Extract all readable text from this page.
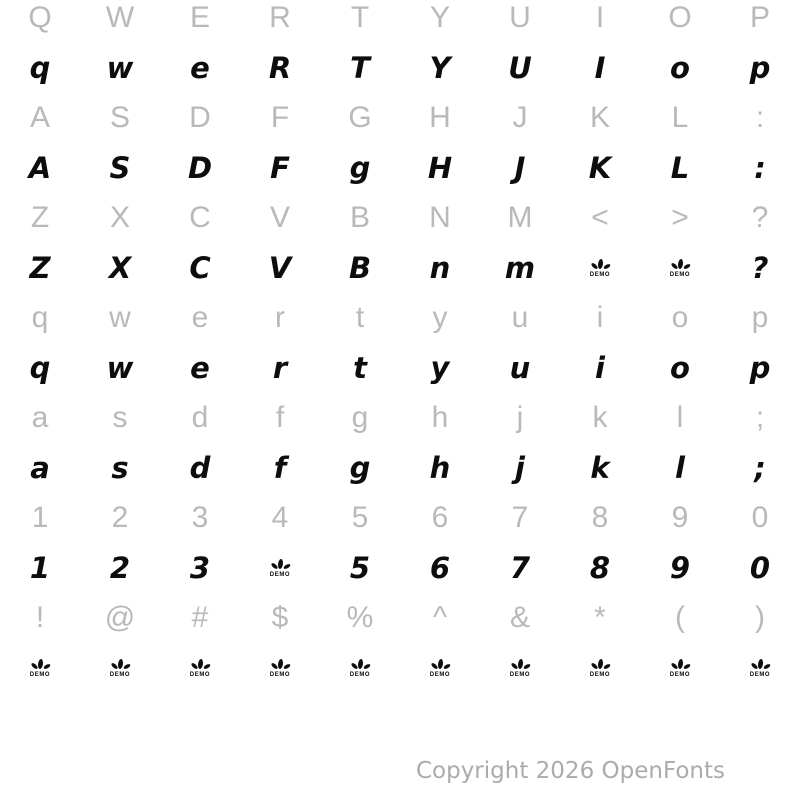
Q	W	E	R	T	Y	U	I	O	P
q	w	e	R	T	Y	U	I	o	p
A	S	D	F	G	H	J	K	L	:
A	S	D	F	g	H	J	K	L	:
Z	X	C	V	B	N	M	<	>	?
Z	X	C	V	B	n	m	DEMO	DEMO	?
q	w	e	r	t	y	u	i	o	p
q	w	e	r	t	y	u	i	o	p
a	s	d	f	g	h	j	k	l	;
a	s	d	f	g	h	j	k	l	;
1	2	3	4	5	6	7	8	9	0
1	2	3	DEMO	5	6	7	8	9	0
!	@	#	$	%	^	&	*	(	)
DEMO	DEMO	DEMO	DEMO	DEMO	DEMO	DEMO	DEMO	DEMO	DEMO
Copyright 2026 OpenFonts
